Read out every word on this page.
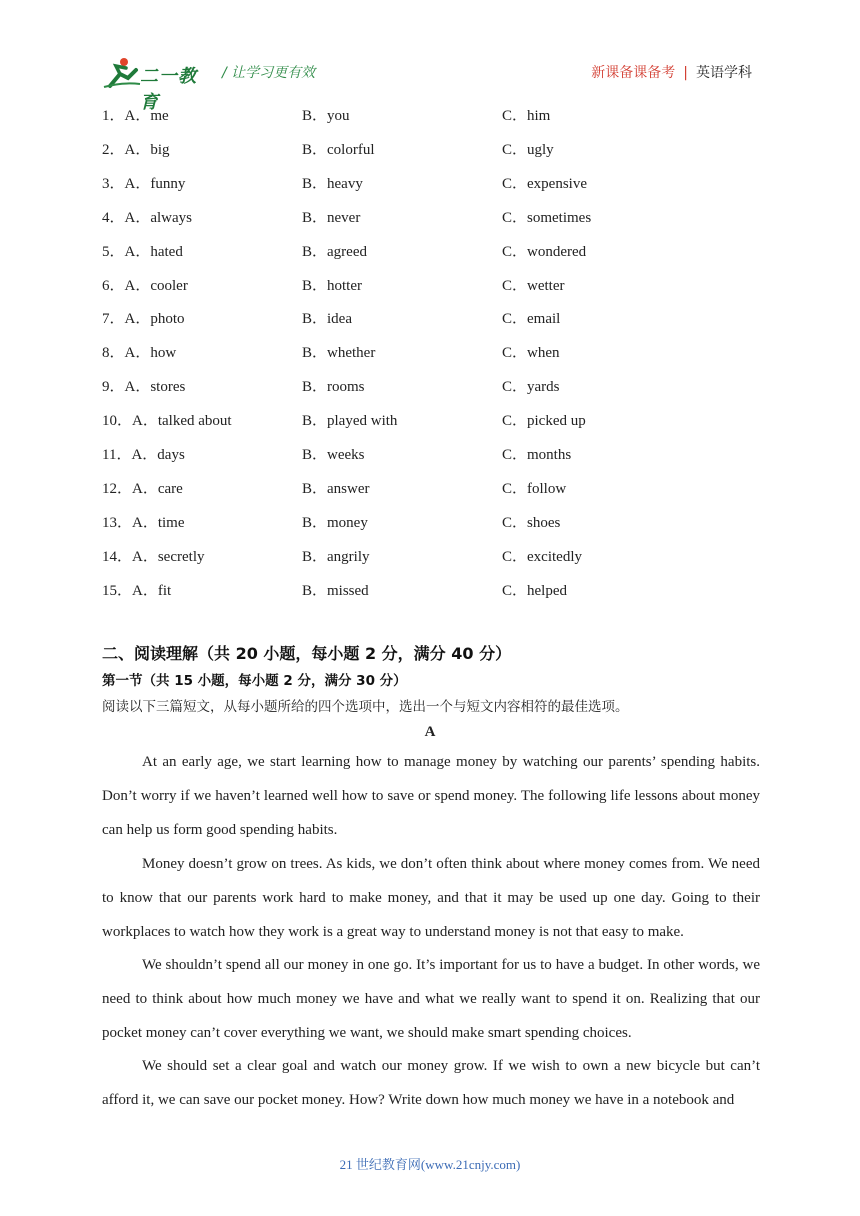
二一教育
/ 让学习更有效	新课备课备考 | 英语学科
1．A．me	B．you	C．him
2．A．big	B．colorful	C．ugly
3．A．funny	B．heavy	C．expensive
4．A．always	B．never	C．sometimes
5．A．hated	B．agreed	C．wondered
6．A．cooler	B．hotter	C．wetter
7．A．photo	B．idea	C．email
8．A．how	B．whether	C．when
9．A．stores	B．rooms	C．yards
10．A．talked about	B．played with	C．picked up
11．A．days	B．weeks	C．months
12．A．care	B．answer	C．follow
13．A．time	B．money	C．shoes
14．A．secretly	B．angrily	C．excitedly
15．A．fit	B．missed	C．helped
二、阅读理解（共 20 小题，每小题 2 分，满分 40 分）
第一节（共 15 小题，每小题 2 分，满分 30 分）
阅读以下三篇短文，从每小题所给的四个选项中，选出一个与短文内容相符的最佳选项。
A
At an early age, we start learning how to manage money by watching our parents’ spending habits. Don’t worry if we haven’t learned well how to save or spend money. The following life lessons about money can help us form good spending habits.
Money doesn’t grow on trees. As kids, we don’t often think about where money comes from. We need to know that our parents work hard to make money, and that it may be used up one day. Going to their workplaces to watch how they work is a great way to understand money is not that easy to make.
We shouldn’t spend all our money in one go. It’s important for us to have a budget. In other words, we need to think about how much money we have and what we really want to spend it on. Realizing that our pocket money can’t cover everything we want, we should make smart spending choices.
We should set a clear goal and watch our money grow. If we wish to own a new bicycle but can’t afford it, we can save our pocket money. How? Write down how much money we have in a notebook and
21 世纪教育网(www.21cnjy.com)
